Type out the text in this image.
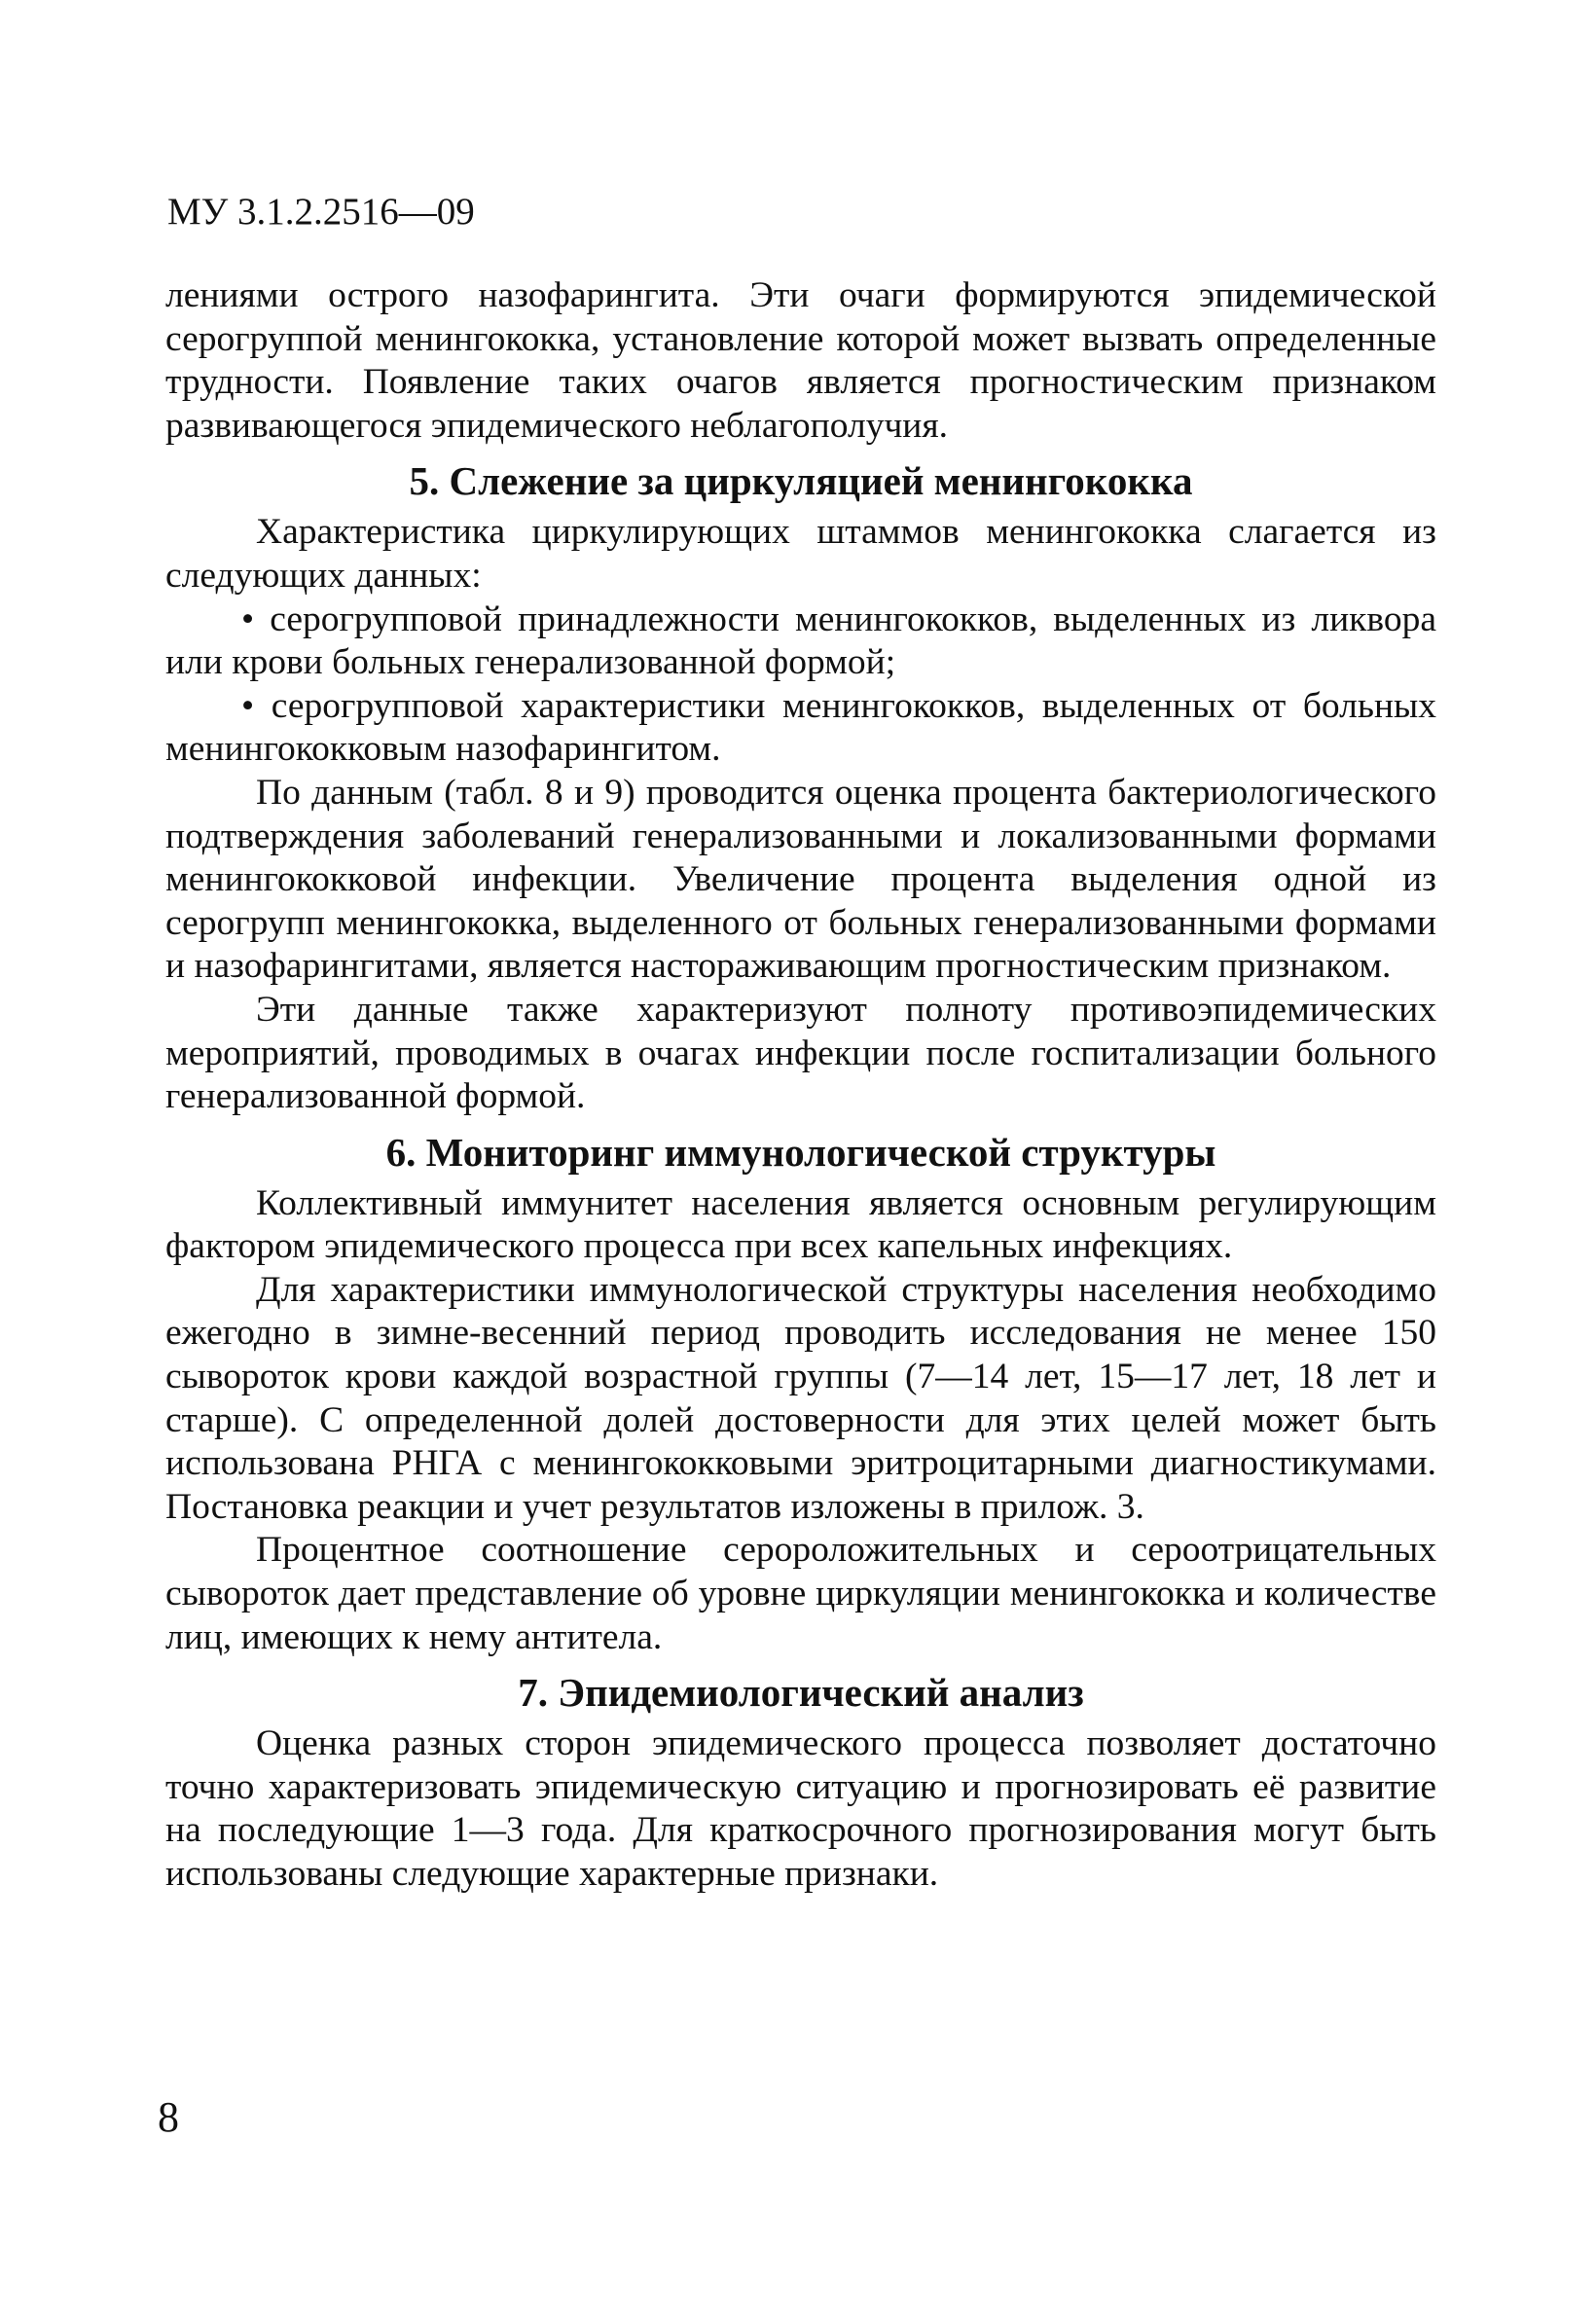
МУ 3.1.2.2516—09

лениями острого назофарингита. Эти очаги формируются эпидемической серогруппой менингококка, установление которой может вызвать определенные трудности. Появление таких очагов является прогностическим признаком развивающегося эпидемического неблагополучия.

5. Слежение за циркуляцией менингококка

Характеристика циркулирующих штаммов менингококка слагается из следующих данных:

• серогрупповой принадлежности менингококков, выделенных из ликвора или крови больных генерализованной формой;

• серогрупповой характеристики менингококков, выделенных от больных менингококковым назофарингитом.

По данным (табл. 8 и 9) проводится оценка процента бактериологического подтверждения заболеваний генерализованными и локализованными формами менингококковой инфекции. Увеличение процента выделения одной из серогрупп менингококка, выделенного от больных генерализованными формами и назофарингитами, является настораживающим прогностическим признаком.

Эти данные также характеризуют полноту противоэпидемических мероприятий, проводимых в очагах инфекции после госпитализации больного генерализованной формой.

6. Мониторинг иммунологической структуры

Коллективный иммунитет населения является основным регулирующим фактором эпидемического процесса при всех капельных инфекциях.

Для характеристики иммунологической структуры населения необходимо ежегодно в зимне-весенний период проводить исследования не менее 150 сывороток крови каждой возрастной группы (7—14 лет, 15—17 лет, 18 лет и старше). С определенной долей достоверности для этих целей может быть использована РНГА с менингококковыми эритроцитарными диагностикумами. Постановка реакции и учет результатов изложены в прилож. 3.

Процентное соотношение серopоложительных и сероотрицательных сывороток дает представление об уровне циркуляции менингококка и количестве лиц, имеющих к нему антитела.

7. Эпидемиологический анализ

Оценка разных сторон эпидемического процесса позволяет достаточно точно характеризовать эпидемическую ситуацию и прогнозировать её развитие на последующие 1—3 года. Для краткосрочного прогнозирования могут быть использованы следующие характерные признаки.

8
